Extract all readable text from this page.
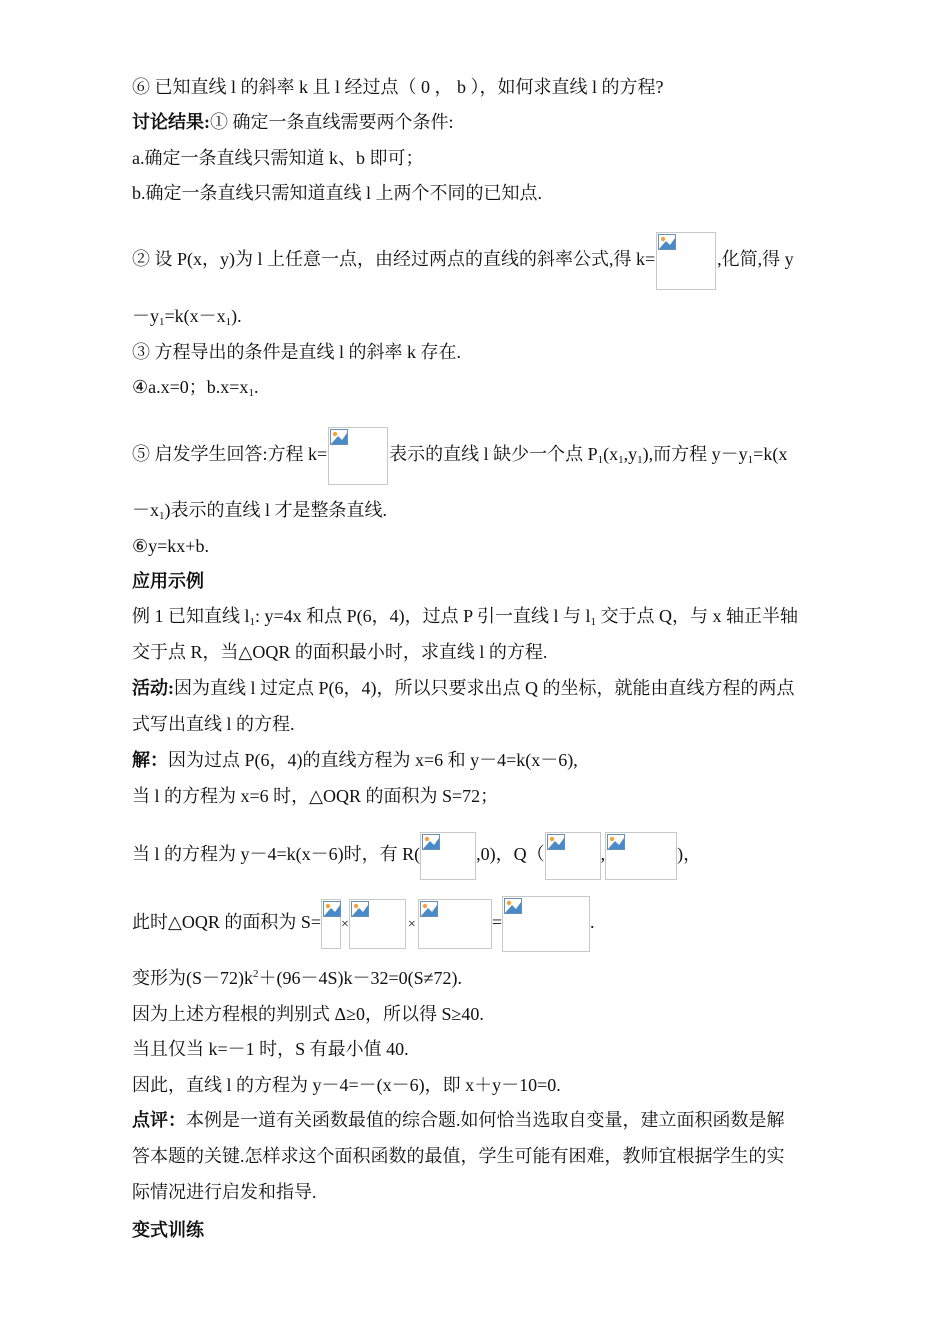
⑥ 已知直线 l 的斜率 k 且 l 经过点（ 0 ， b ），如何求直线 l 的方程?
讨论结果:① 确定一条直线需要两个条件:
a.确定一条直线只需知道 k、b 即可；
b.确定一条直线只需知道直线 l 上两个不同的已知点.
② 设 P(x，y)为 l 上任意一点，由经过两点的直线的斜率公式,得 k=	,化简,得 y
$-y_1=k(x-x_1)$.
③ 方程导出的条件是直线 l 的斜率 k 存在.
④a.x=0；$b.x=x_1$.
⑤ 启发学生回答:方程 k=	表示的直线 l 缺少一个点 $P_1(x_1,y_1)$,而方程 $y-y_1=k(x$
$-x_1$)表示的直线 l 才是整条直线.
⑥y=kx+b.
应用示例
例 1 已知直线 $l_1$: y=4x 和点 P(6，4)，过点 P 引一直线 l 与 $l_1$ 交于点 Q，与 x 轴正半轴
交于点 R，当△OQR 的面积最小时，求直线 l 的方程.
活动:因为直线 l 过定点 P(6，4)，所以只要求出点 Q 的坐标，就能由直线方程的两点
式写出直线 l 的方程.
解：因为过点 P(6，4)的直线方程为 x=6 和 y－4=k(x－6),
当 l 的方程为 x=6 时，△OQR 的面积为 S=72；
当 l 的方程为 y－4=k(x－6)时，有 R(	,0)，Q（	,	)，
此时△OQR 的面积为 S= ×	×	=	.
变形为$(S-72)k^2+(96-4S)k-32=0(S\ne 72)$.
因为上述方程根的判别式 Δ≥0，所以得 S≥40.
当且仅当 k=－1 时，S 有最小值 40.
因此，直线 l 的方程为 y－4=－(x－6)，即 x＋y－10=0.
点评：本例是一道有关函数最值的综合题.如何恰当选取自变量，建立面积函数是解
答本题的关键.怎样求这个面积函数的最值，学生可能有困难，教师宜根据学生的实
际情况进行启发和指导.
变式训练
